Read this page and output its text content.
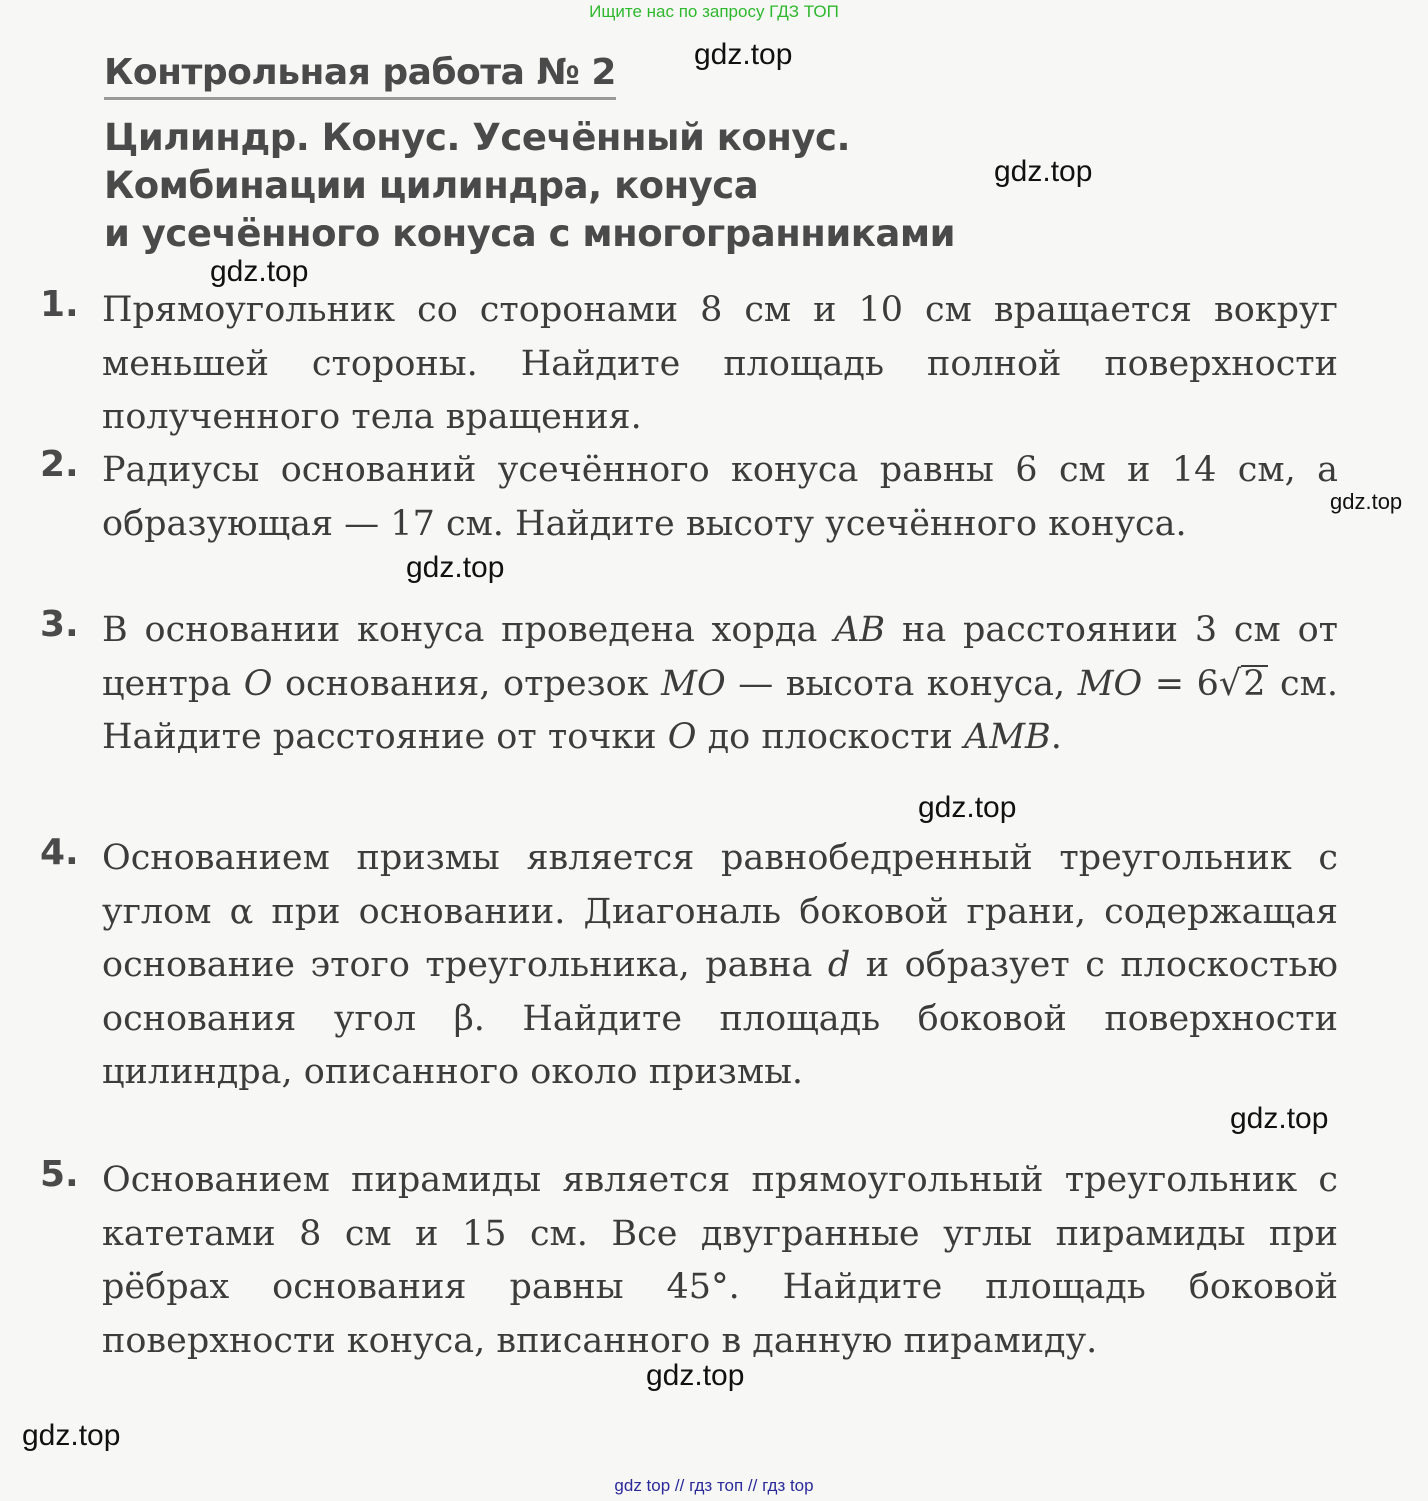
Ищите нас по запросу ГДЗ ТОП
Контрольная работа № 2
Цилиндр. Конус. Усечённый конус.
Комбинации цилиндра, конуса
и усечённого конуса с многогранниками
1. Прямоугольник со сторонами 8 см и 10 см вращается вокруг меньшей стороны. Найдите площадь полной поверхности полученного тела вращения.
2. Радиусы оснований усечённого конуса равны 6 см и 14 см, а образующая — 17 см. Найдите высоту усечённого конуса.
3. В основании конуса проведена хорда AB на расстоянии 3 см от центра O основания, отрезок MO — высота конуса, MO = 6√2 см. Найдите расстояние от точки O до плоскости AMB.
4. Основанием призмы является равнобедренный треугольник с углом α при основании. Диагональ боковой грани, содержащая основание этого треугольника, равна d и образует с плоскостью основания угол β. Найдите площадь боковой поверхности цилиндра, описанного около призмы.
5. Основанием пирамиды является прямоугольный треугольник с катетами 8 см и 15 см. Все двугранные углы пирамиды при рёбрах основания равны 45°. Найдите площадь боковой поверхности конуса, вписанного в данную пирамиду.
gdz.top
gdz.top
gdz.top
gdz.top
gdz.top
gdz.top
gdz.top
gdz.top
gdz.top
gdz top // гдз топ // гдз top
